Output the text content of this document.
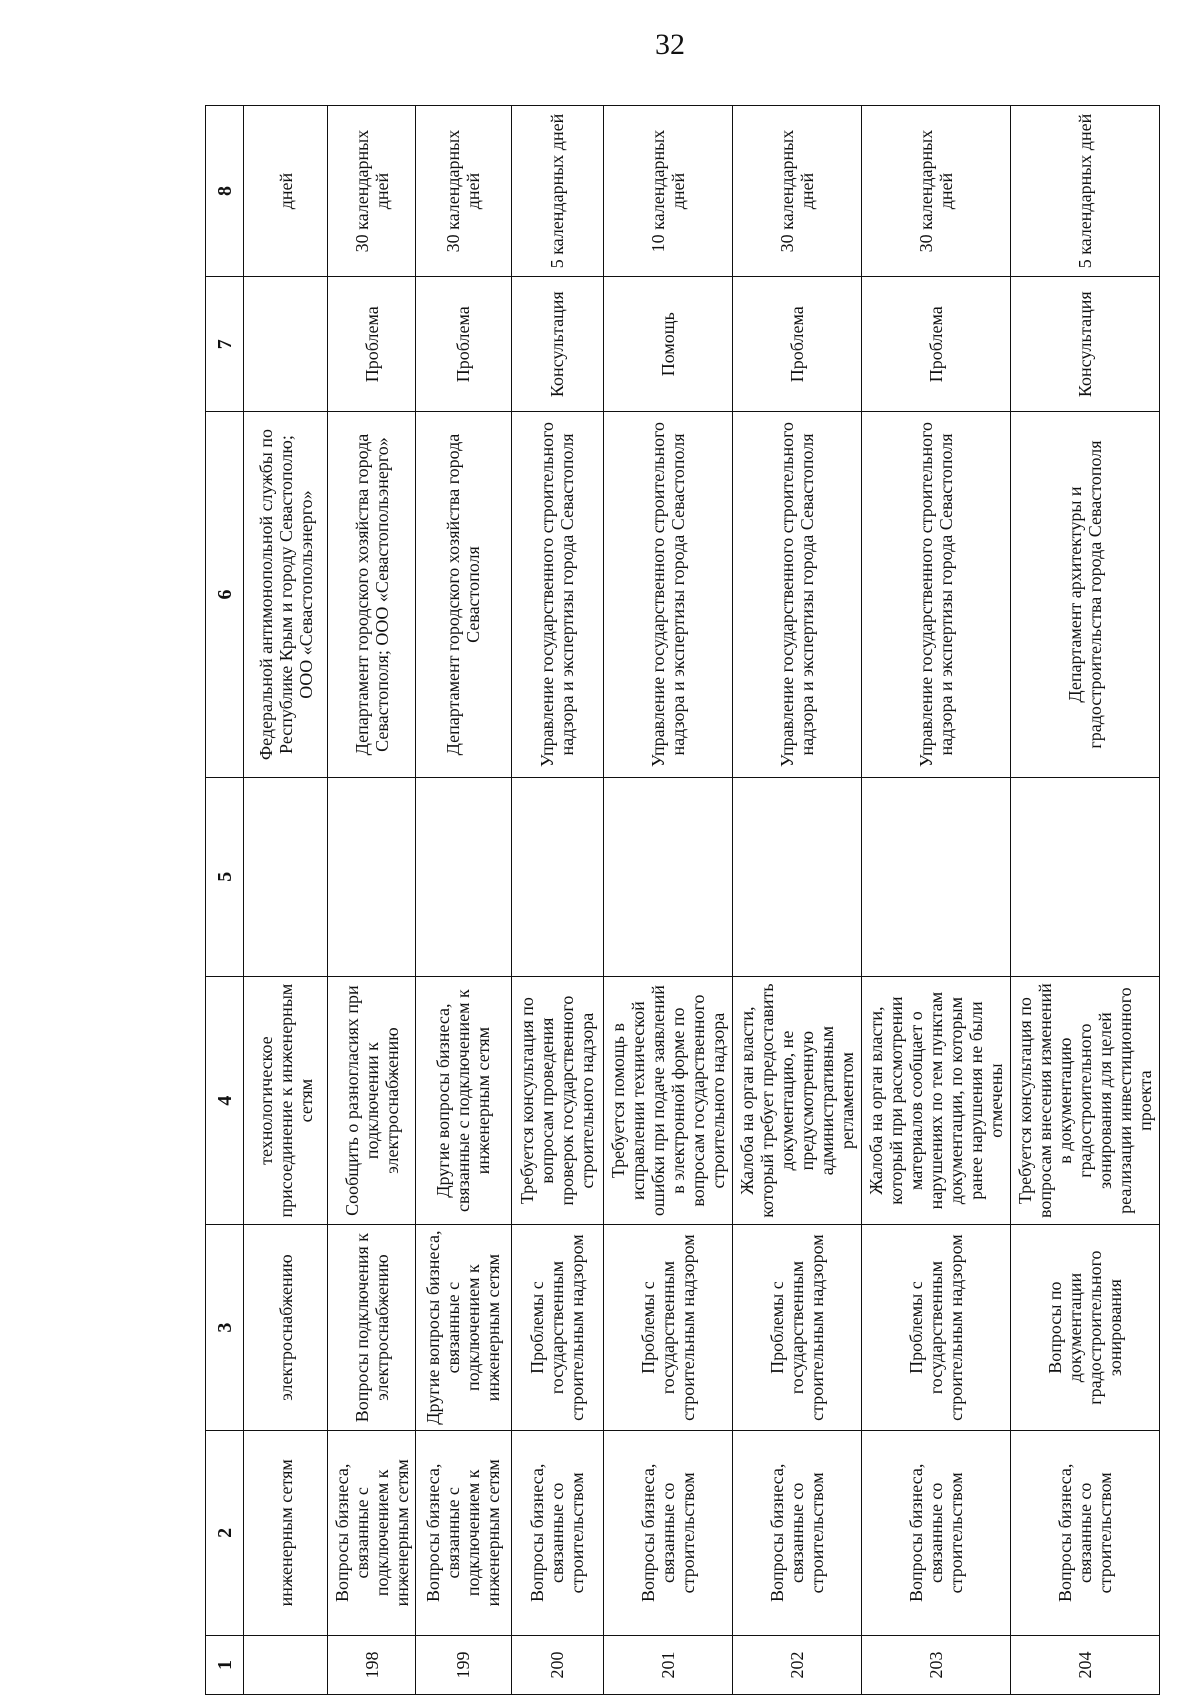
32
1	2	3	4	5	6	7	8
	инженерным сетям	электроснабжению	технологическое присоединение к инженерным сетям		Федеральной антимонопольной службы по Республике Крым и городу Севастополю; ООО «Севастопольэнерго»		дней
198	Вопросы бизнеса, связанные с подключением к инженерным сетям	Вопросы подключения к электроснабжению	Сообщить о разногласиях при подключении к электроснабжению		Департамент городского хозяйства города Севастополя; ООО «Севастопольэнерго»	Проблема	30 календарных дней
199	Вопросы бизнеса, связанные с подключением к инженерным сетям	Другие вопросы бизнеса, связанные с подключением к инженерным сетям	Другие вопросы бизнеса, связанные с подключением к инженерным сетям		Департамент городского хозяйства города Севастополя	Проблема	30 календарных дней
200	Вопросы бизнеса, связанные со строительством	Проблемы с государственным строительным надзором	Требуется консультация по вопросам проведения проверок государственного строительного надзора		Управление государственного строительного надзора и экспертизы города Севастополя	Консультация	5 календарных дней
201	Вопросы бизнеса, связанные со строительством	Проблемы с государственным строительным надзором	Требуется помощь в исправлении технической ошибки при подаче заявлений в электронной форме по вопросам государственного строительного надзора		Управление государственного строительного надзора и экспертизы города Севастополя	Помощь	10 календарных дней
202	Вопросы бизнеса, связанные со строительством	Проблемы с государственным строительным надзором	Жалоба на орган власти, который требует предоставить документацию, не предусмотренную административным регламентом		Управление государственного строительного надзора и экспертизы города Севастополя	Проблема	30 календарных дней
203	Вопросы бизнеса, связанные со строительством	Проблемы с государственным строительным надзором	Жалоба на орган власти, который при рассмотрении материалов сообщает о нарушениях по тем пунктам документации, по которым ранее нарушения не были отмечены		Управление государственного строительного надзора и экспертизы города Севастополя	Проблема	30 календарных дней
204	Вопросы бизнеса, связанные со строительством	Вопросы по документации градостроительного зонирования	Требуется консультация по вопросам внесения изменений в документацию градостроительного зонирования для целей реализации инвестиционного проекта		Департамент архитектуры и градостроительства города Севастополя	Консультация	5 календарных дней
